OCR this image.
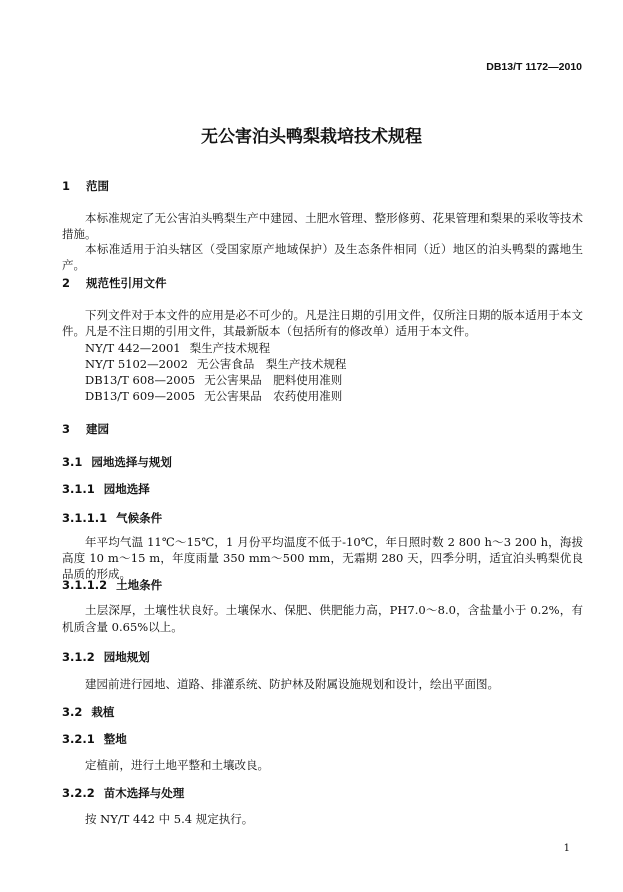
DB13/T 1172—2010
无公害泊头鸭梨栽培技术规程
1 范围
本标准规定了无公害泊头鸭梨生产中建园、土肥水管理、整形修剪、花果管理和梨果的采收等技术措施。
本标准适用于泊头辖区（受国家原产地域保护）及生态条件相同（近）地区的泊头鸭梨的露地生产。
2 规范性引用文件
下列文件对于本文件的应用是必不可少的。凡是注日期的引用文件，仅所注日期的版本适用于本文件。凡是不注日期的引用文件，其最新版本（包括所有的修改单）适用于本文件。
NY/T 442—2001 梨生产技术规程
NY/T 5102—2002 无公害食品　梨生产技术规程
DB13/T 608—2005 无公害果品　肥料使用准则
DB13/T 609—2005 无公害果品　农药使用准则
3 建园
3.1 园地选择与规划
3.1.1 园地选择
3.1.1.1 气候条件
年平均气温 11℃～15℃，1 月份平均温度不低于-10℃，年日照时数 2 800 h～3 200 h，海拔高度 10 m～15 m，年度雨量 350 mm～500 mm，无霜期 280 天，四季分明，适宜泊头鸭梨优良品质的形成。
3.1.1.2 土地条件
土层深厚，土壤性状良好。土壤保水、保肥、供肥能力高，PH7.0～8.0，含盐量小于 0.2%，有机质含量 0.65%以上。
3.1.2 园地规划
建园前进行园地、道路、排灌系统、防护林及附属设施规划和设计，绘出平面图。
3.2 栽植
3.2.1 整地
定植前，进行土地平整和土壤改良。
3.2.2 苗木选择与处理
按 NY/T 442 中 5.4 规定执行。
1
